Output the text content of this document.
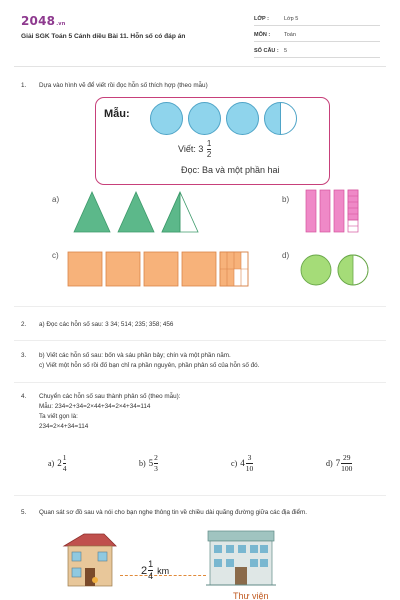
2048.vn
Giải SGK Toán 5 Cánh diều Bài 11. Hỗn số có đáp án
LỚP :	Lớp 5
MÔN :	Toán
SỐ CÂU : 5
1. Dựa vào hình vẽ để viết rồi đọc hỗn số thích hợp (theo mẫu)
Mẫu:
Viết: $3 \frac{1}{2}$
Đọc: Ba và một phần hai
a)	b)
c)	d)
2. a) Đọc các hỗn số sau: 3 34; 514; 235; 358; 456
3. b) Viết các hỗn số sau: bốn và sáu phần bảy; chín và một phần năm.
c) Viết một hỗn số rồi đố bạn chỉ ra phần nguyên, phần phân số của hỗn số đó.
4. Chuyển các hỗn số sau thành phân số (theo mẫu):
Mẫu: 234=2+34=2×44+34=2×4+34=114
Ta viết gọn là:
234=2×4+34=114
a) 2
1
4
b) 5
2
3
c) 4
3
10
d) 7
29
100
5. Quan sát sơ đồ sau và nói cho bạn nghe thông tin về chiều dài quãng đường giữa các địa điểm.
2
1
4
km
Thư viện
